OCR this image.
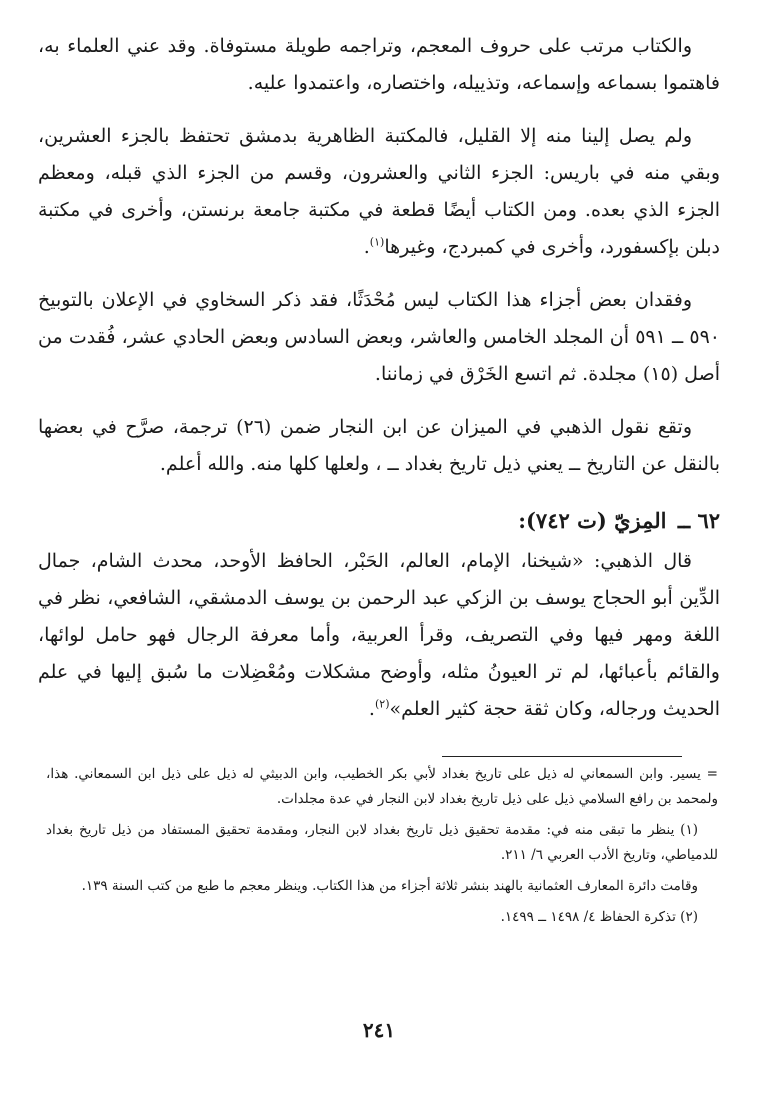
والكتاب مرتب على حروف المعجم، وتراجمه طويلة مستوفاة. وقد عني العلماء به، فاهتموا بسماعه وإسماعه، وتذييله، واختصاره، واعتمدوا عليه.

ولم يصل إلينا منه إلا القليل، فالمكتبة الظاهرية بدمشق تحتفظ بالجزء العشرين، وبقي منه في باريس: الجزء الثاني والعشرون، وقسم من الجزء الذي قبله، ومعظم الجزء الذي بعده. ومن الكتاب أيضًا قطعة في مكتبة جامعة برنستن، وأخرى في مكتبة دبلن بإكسفورد، وأخرى في كمبردج، وغيرها$^{(١)}$.

وفقدان بعض أجزاء هذا الكتاب ليس مُحْدَثًا، فقد ذكر السخاوي في الإعلان بالتوبيخ ٥٩٠ ــ ٥٩١ أن المجلد الخامس والعاشر، وبعض السادس وبعض الحادي عشر، فُقدت من أصل (١٥) مجلدة. ثم اتسع الخَرْق في زماننا.

وتقع نقول الذهبي في الميزان عن ابن النجار ضمن (٢٦) ترجمة، صرَّح في بعضها بالنقل عن التاريخ ــ يعني ذيل تاريخ بغداد ــ ، ولعلها كلها منه. والله أعلم.

٦٢ ــ المِزيّ (ت ٧٤٢):

قال الذهبي: «شيخنا، الإمام، العالم، الحَبْر، الحافظ الأوحد، محدث الشام، جمال الدِّين أبو الحجاج يوسف بن الزكي عبد الرحمن بن يوسف الدمشقي، الشافعي، نظر في اللغة ومهر فيها وفي التصريف، وقرأ العربية، وأما معرفة الرجال فهو حامل لوائها، والقائم بأعبائها، لم تر العيونُ مثله، وأوضح مشكلات ومُعْضِلات ما سُبق إليها في علم الحديث ورجاله، وكان ثقة حجة كثير العلم»$^{(٢)}$.

= يسير. وابن السمعاني له ذيل على تاريخ بغداد لأبي بكر الخطيب، وابن الدبيثي له ذيل على ذيل ابن السمعاني. هذا، ولمحمد بن رافع السلامي ذيل على ذيل تاريخ بغداد لابن النجار في عدة مجلدات.

(١) ينظر ما تبقى منه في: مقدمة تحقيق ذيل تاريخ بغداد لابن النجار، ومقدمة تحقيق المستفاد من ذيل تاريخ بغداد للدمياطي، وتاريخ الأدب العربي ٦/ ٢١١.

وقامت دائرة المعارف العثمانية بالهند بنشر ثلاثة أجزاء من هذا الكتاب. وينظر معجم ما طبع من كتب السنة ١٣٩.

(٢) تذكرة الحفاظ ٤/ ١٤٩٨ ــ ١٤٩٩.

٢٤١
